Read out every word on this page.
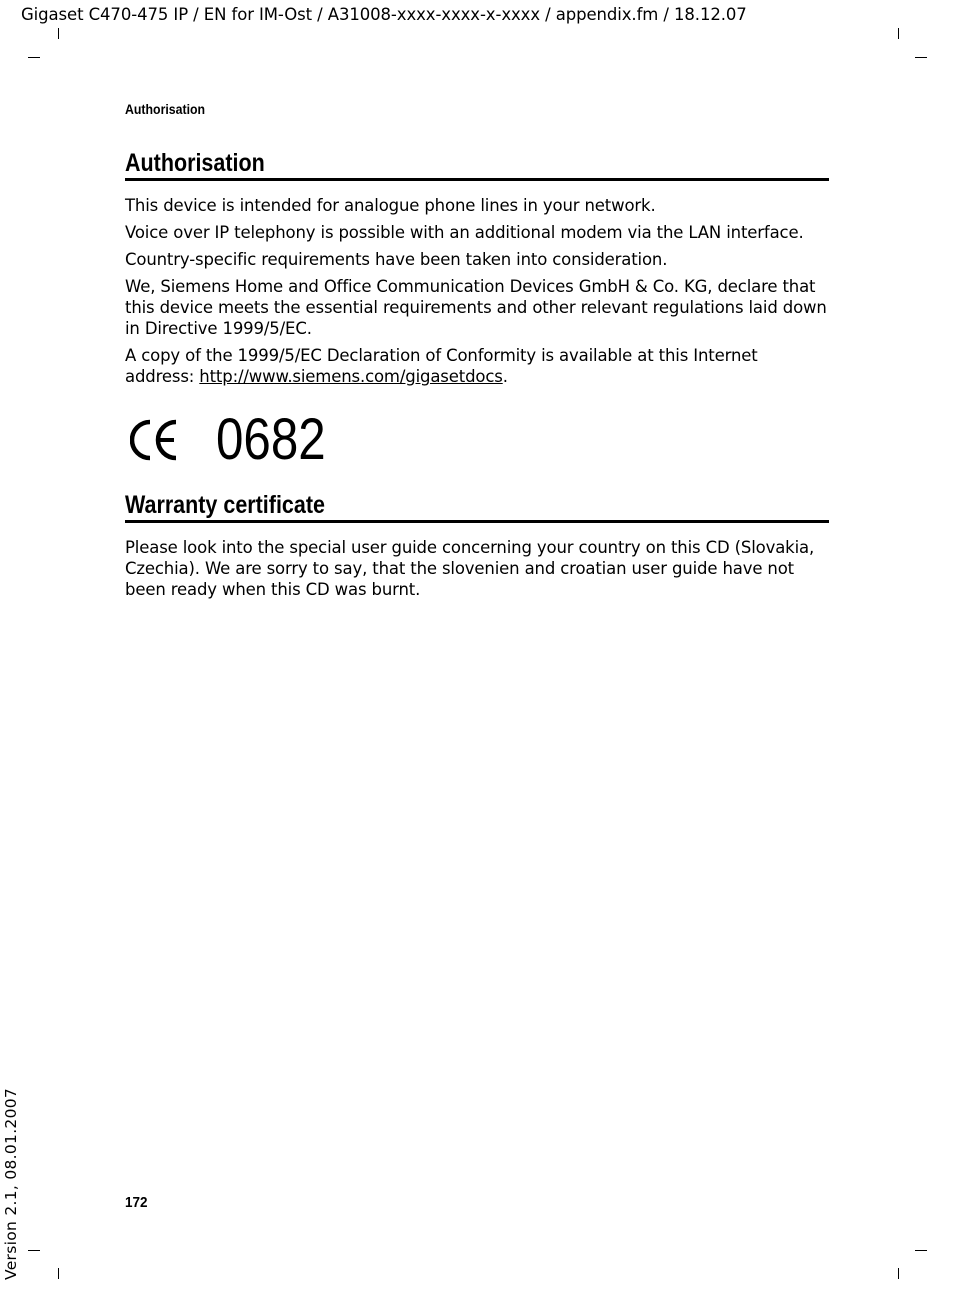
Gigaset C470-475 IP / EN for IM-Ost / A31008-xxxx-xxxx-x-xxxx / appendix.fm / 18.12.07
Authorisation
Authorisation
This device is intended for analogue phone lines in your network.
Voice over IP telephony is possible with an additional modem via the LAN interface.
Country-specific requirements have been taken into consideration.
We, Siemens Home and Office Communication Devices GmbH & Co. KG, declare that this device meets the essential requirements and other relevant regulations laid down in Directive 1999/5/EC.
A copy of the 1999/5/EC Declaration of Conformity is available at this Internet address: http://www.siemens.com/gigasetdocs.
0682
Warranty certificate
Please look into the special user guide concerning your country on this CD (Slovakia, Czechia). We are sorry to say, that the slovenien and croatian user guide have not been ready when this CD was burnt.
172
Version 2.1, 08.01.2007
